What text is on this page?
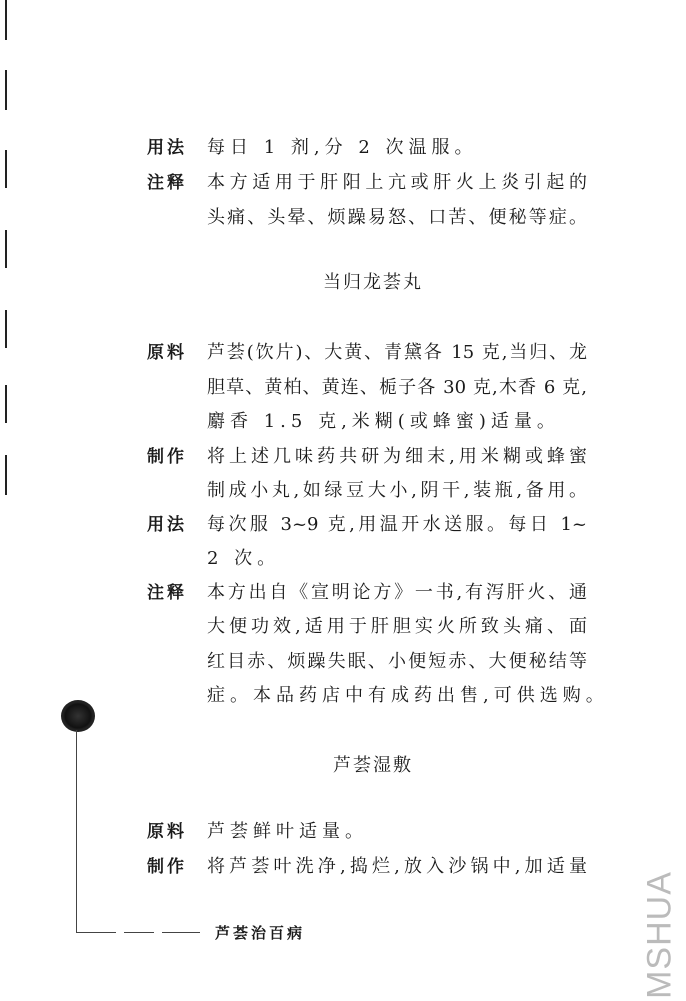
用法 每日 1 剂,分 2 次温服。
注释 本方适用于肝阳上亢或肝火上炎引起的
头痛、头晕、烦躁易怒、口苦、便秘等症。
当归龙荟丸
原料 芦荟(饮片)、大黄、青黛各 15 克,当归、龙
胆草、黄柏、黄连、栀子各 30 克,木香 6 克,
麝香 1.5 克,米糊(或蜂蜜)适量。
制作 将上述几味药共研为细末,用米糊或蜂蜜
制成小丸,如绿豆大小,阴干,装瓶,备用。
用法 每次服 3~9 克,用温开水送服。每日 1~
2 次。
注释 本方出自《宣明论方》一书,有泻肝火、通
大便功效,适用于肝胆实火所致头痛、面
红目赤、烦躁失眠、小便短赤、大便秘结等
症。本品药店中有成药出售,可供选购。
芦荟湿敷
原料 芦荟鲜叶适量。
制作 将芦荟叶洗净,捣烂,放入沙锅中,加适量
芦荟治百病	MSHUA
